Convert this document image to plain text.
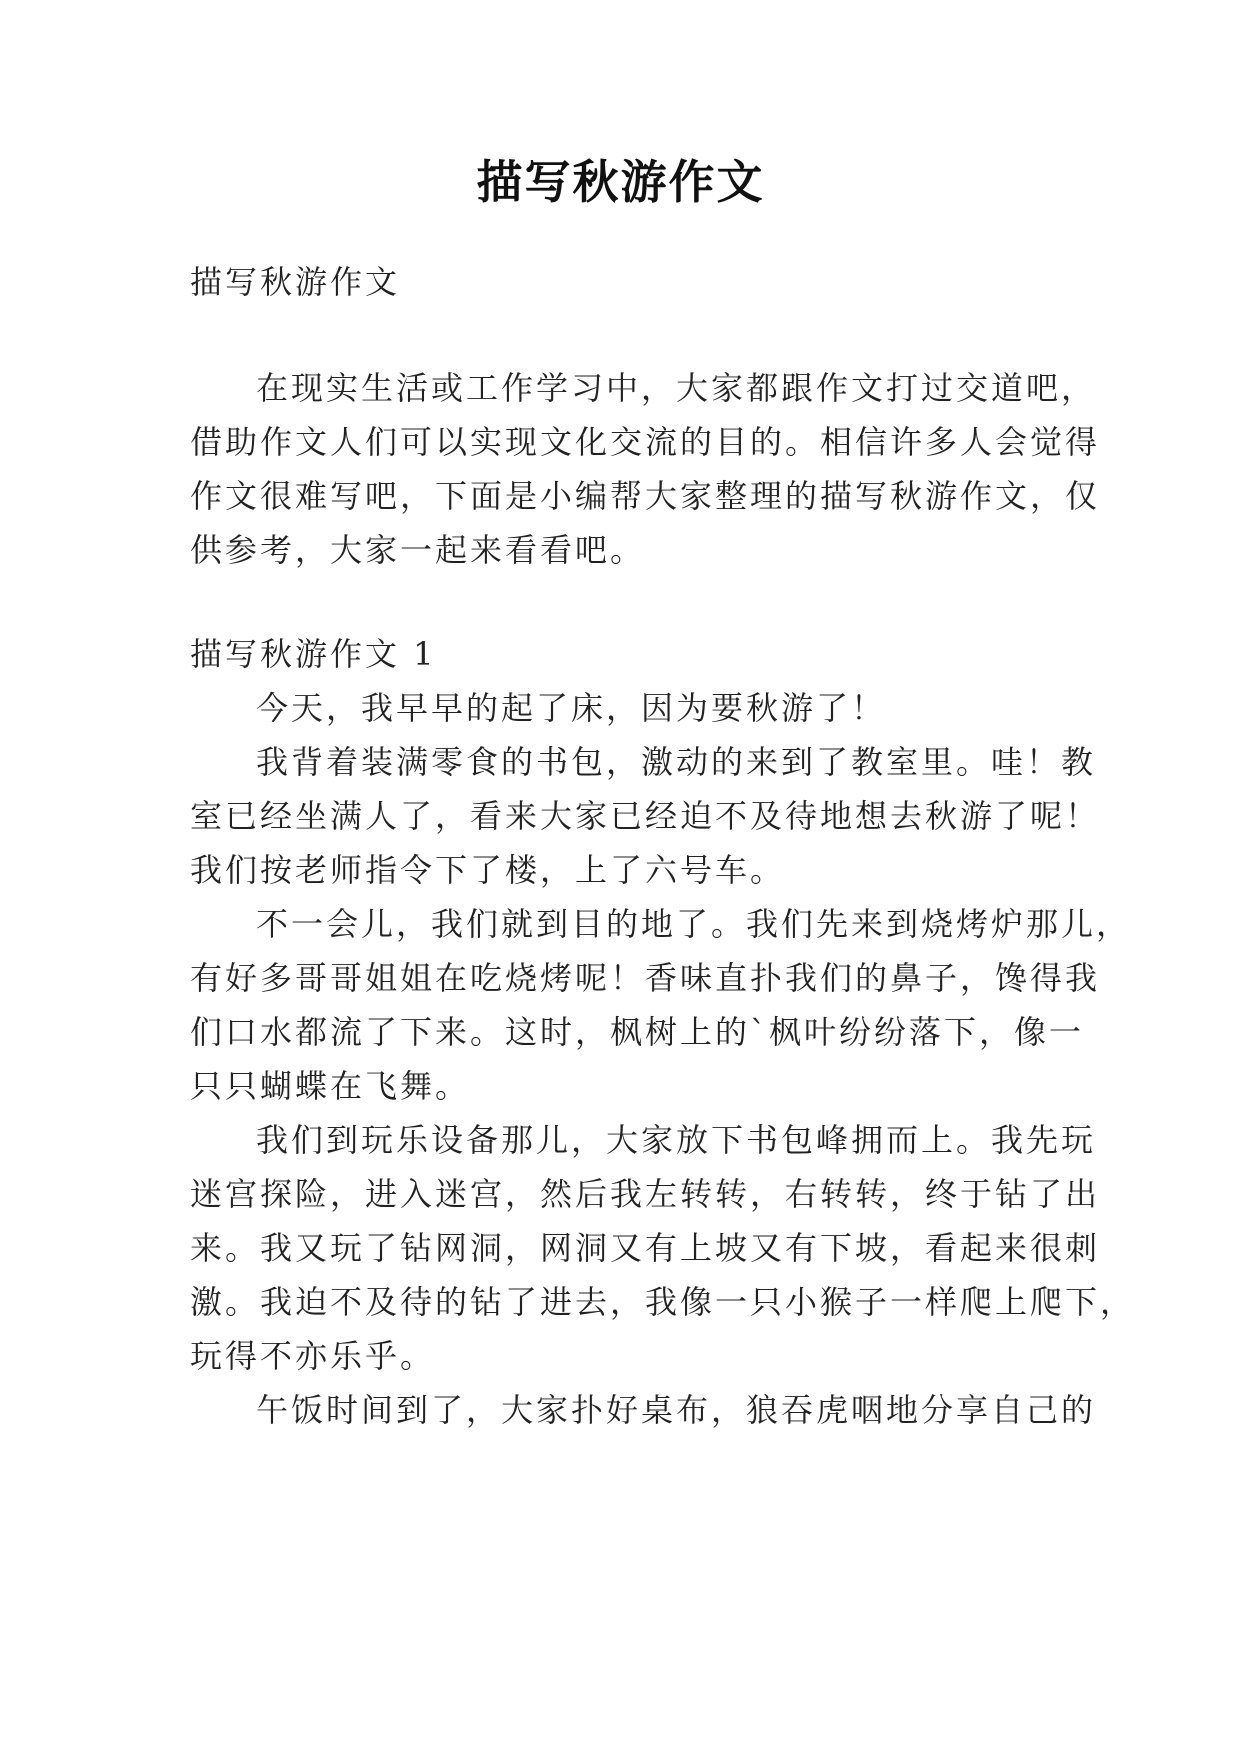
描写秋游作文
描写秋游作文
在现实生活或工作学习中，大家都跟作文打过交道吧，
借助作文人们可以实现文化交流的目的。相信许多人会觉得
作文很难写吧，下面是小编帮大家整理的描写秋游作文，仅
供参考，大家一起来看看吧。
描写秋游作文 1
今天，我早早的起了床，因为要秋游了！
我背着装满零食的书包，激动的来到了教室里。哇！教
室已经坐满人了，看来大家已经迫不及待地想去秋游了呢！
我们按老师指令下了楼，上了六号车。
不一会儿，我们就到目的地了。我们先来到烧烤炉那儿，
有好多哥哥姐姐在吃烧烤呢！香味直扑我们的鼻子，馋得我
们口水都流了下来。这时，枫树上的`枫叶纷纷落下，像一
只只蝴蝶在飞舞。
我们到玩乐设备那儿，大家放下书包峰拥而上。我先玩
迷宫探险，进入迷宫，然后我左转转，右转转，终于钻了出
来。我又玩了钻网洞，网洞又有上坡又有下坡，看起来很刺
激。我迫不及待的钻了进去，我像一只小猴子一样爬上爬下，
玩得不亦乐乎。
午饭时间到了，大家扑好桌布，狼吞虎咽地分享自己的
